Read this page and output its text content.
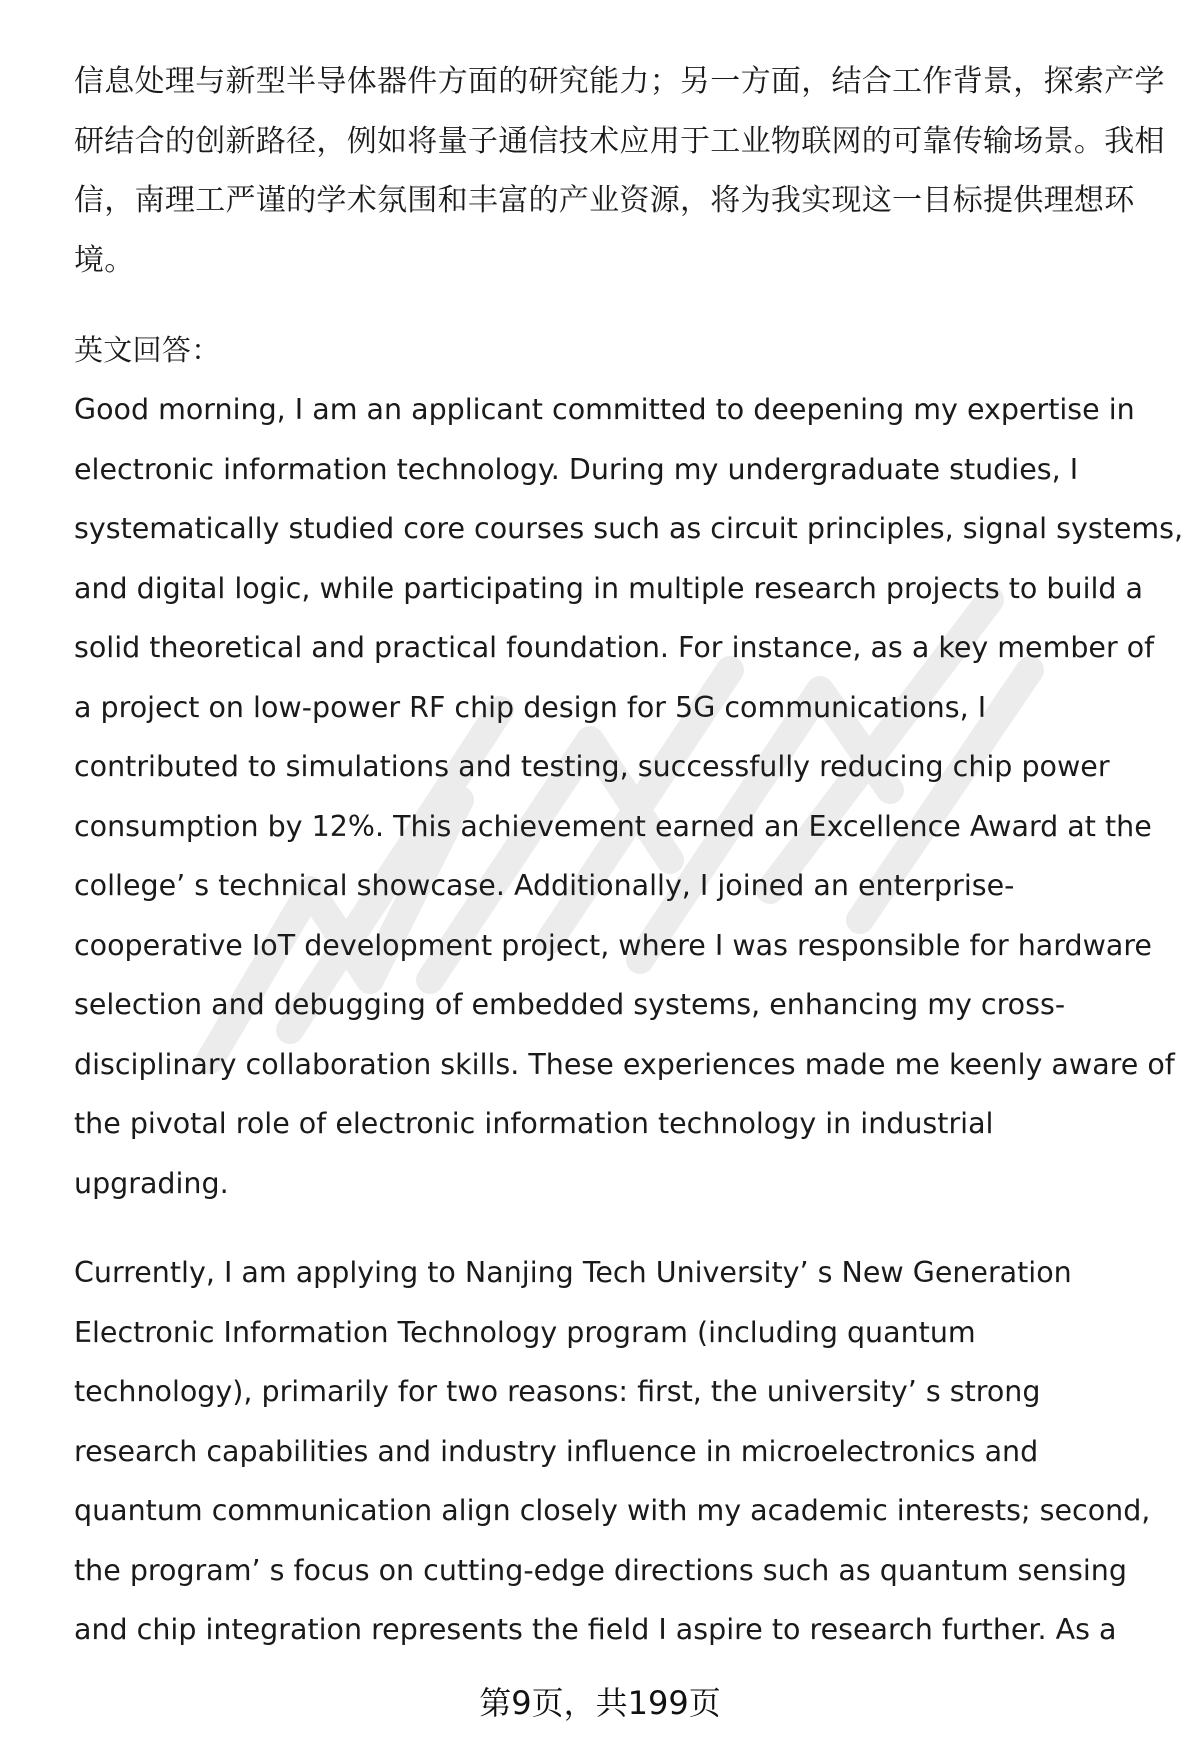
信息处理与新型半导体器件方面的研究能力；另一方面，结合工作背景，探索产学
研结合的创新路径，例如将量子通信技术应用于工业物联网的可靠传输场景。我相
信，南理工严谨的学术氛围和丰富的产业资源，将为我实现这一目标提供理想环
境。
英文回答：
Good morning, I am an applicant committed to deepening my expertise in
electronic information technology. During my undergraduate studies, I
systematically studied core courses such as circuit principles, signal systems,
and digital logic, while participating in multiple research projects to build a
solid theoretical and practical foundation. For instance, as a key member of
a project on low-power RF chip design for 5G communications, I
contributed to simulations and testing, successfully reducing chip power
consumption by 12%. This achievement earned an Excellence Award at the
college’ s technical showcase. Additionally, I joined an enterprise-
cooperative IoT development project, where I was responsible for hardware
selection and debugging of embedded systems, enhancing my cross-
disciplinary collaboration skills. These experiences made me keenly aware of
the pivotal role of electronic information technology in industrial
upgrading.
Currently, I am applying to Nanjing Tech University’ s New Generation
Electronic Information Technology program (including quantum
technology), primarily for two reasons: first, the university’ s strong
research capabilities and industry influence in microelectronics and
quantum communication align closely with my academic interests; second,
the program’ s focus on cutting-edge directions such as quantum sensing
and chip integration represents the field I aspire to research further. As a
第9页，共199页
